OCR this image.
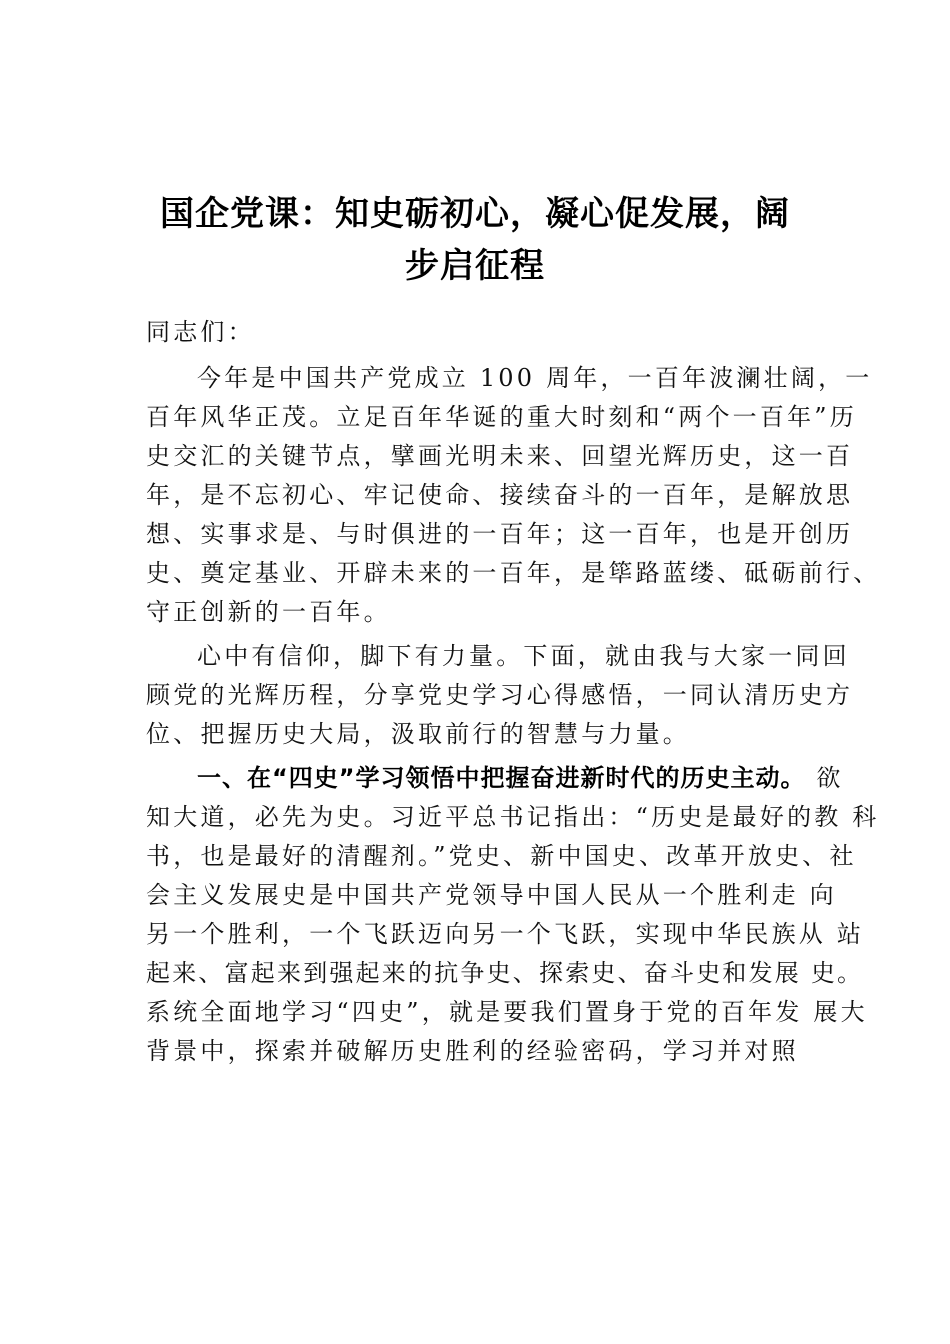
国企党课：知史砺初心，凝心促发展，阔
步启征程

同志们：

今年是中国共产党成立 100 周年，一百年波澜壮阔，一

百年风华正茂。立足百年华诞的重大时刻和“两个一百年”历

史交汇的关键节点，擘画光明未来、回望光辉历史，这一百

年，是不忘初心、牢记使命、接续奋斗的一百年，是解放思

想、实事求是、与时俱进的一百年；这一百年，也是开创历

史、奠定基业、开辟未来的一百年，是筚路蓝缕、砥砺前行、

守正创新的一百年。

心中有信仰，脚下有力量。下面，就由我与大家一同回

顾党的光辉历程，分享党史学习心得感悟，一同认清历史方

位、把握历史大局，汲取前行的智慧与力量。

一、在“四史”学习领悟中把握奋进新时代的历史主动。 欲

知大道，必先为史。习近平总书记指出：“历史是最好的教 科

书，也是最好的清醒剂。”党史、新中国史、改革开放史、社

会主义发展史是中国共产党领导中国人民从一个胜利走 向

另一个胜利，一个飞跃迈向另一个飞跃，实现中华民族从 站

起来、富起来到强起来的抗争史、探索史、奋斗史和发展 史。

系统全面地学习“四史”，就是要我们置身于党的百年发 展大

背景中，探索并破解历史胜利的经验密码，学习并对照
